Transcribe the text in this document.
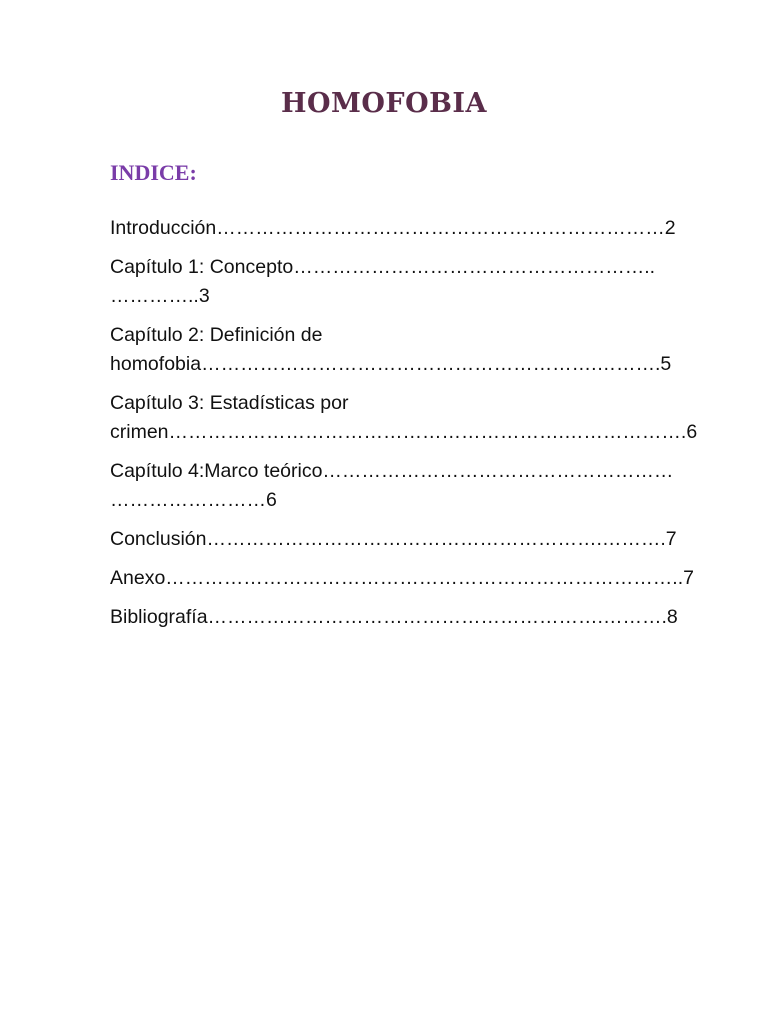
HOMOFOBIA
INDICE:
Introducción……………………………………………………………2
Capítulo 1: Concepto………………………………………………..
…………..3
Capítulo 2: Definición de
homofobia…………………………………………………….……….5
Capítulo 3: Estadísticas por
crimen…………………………………………………….……………….6
Capítulo 4:Marco teórico………………………………………………
……………………6
Conclusión…………………………………………………….……….7
Anexo……………………………………………………………………..7
Bibliografía…………………………………………………….……….8
